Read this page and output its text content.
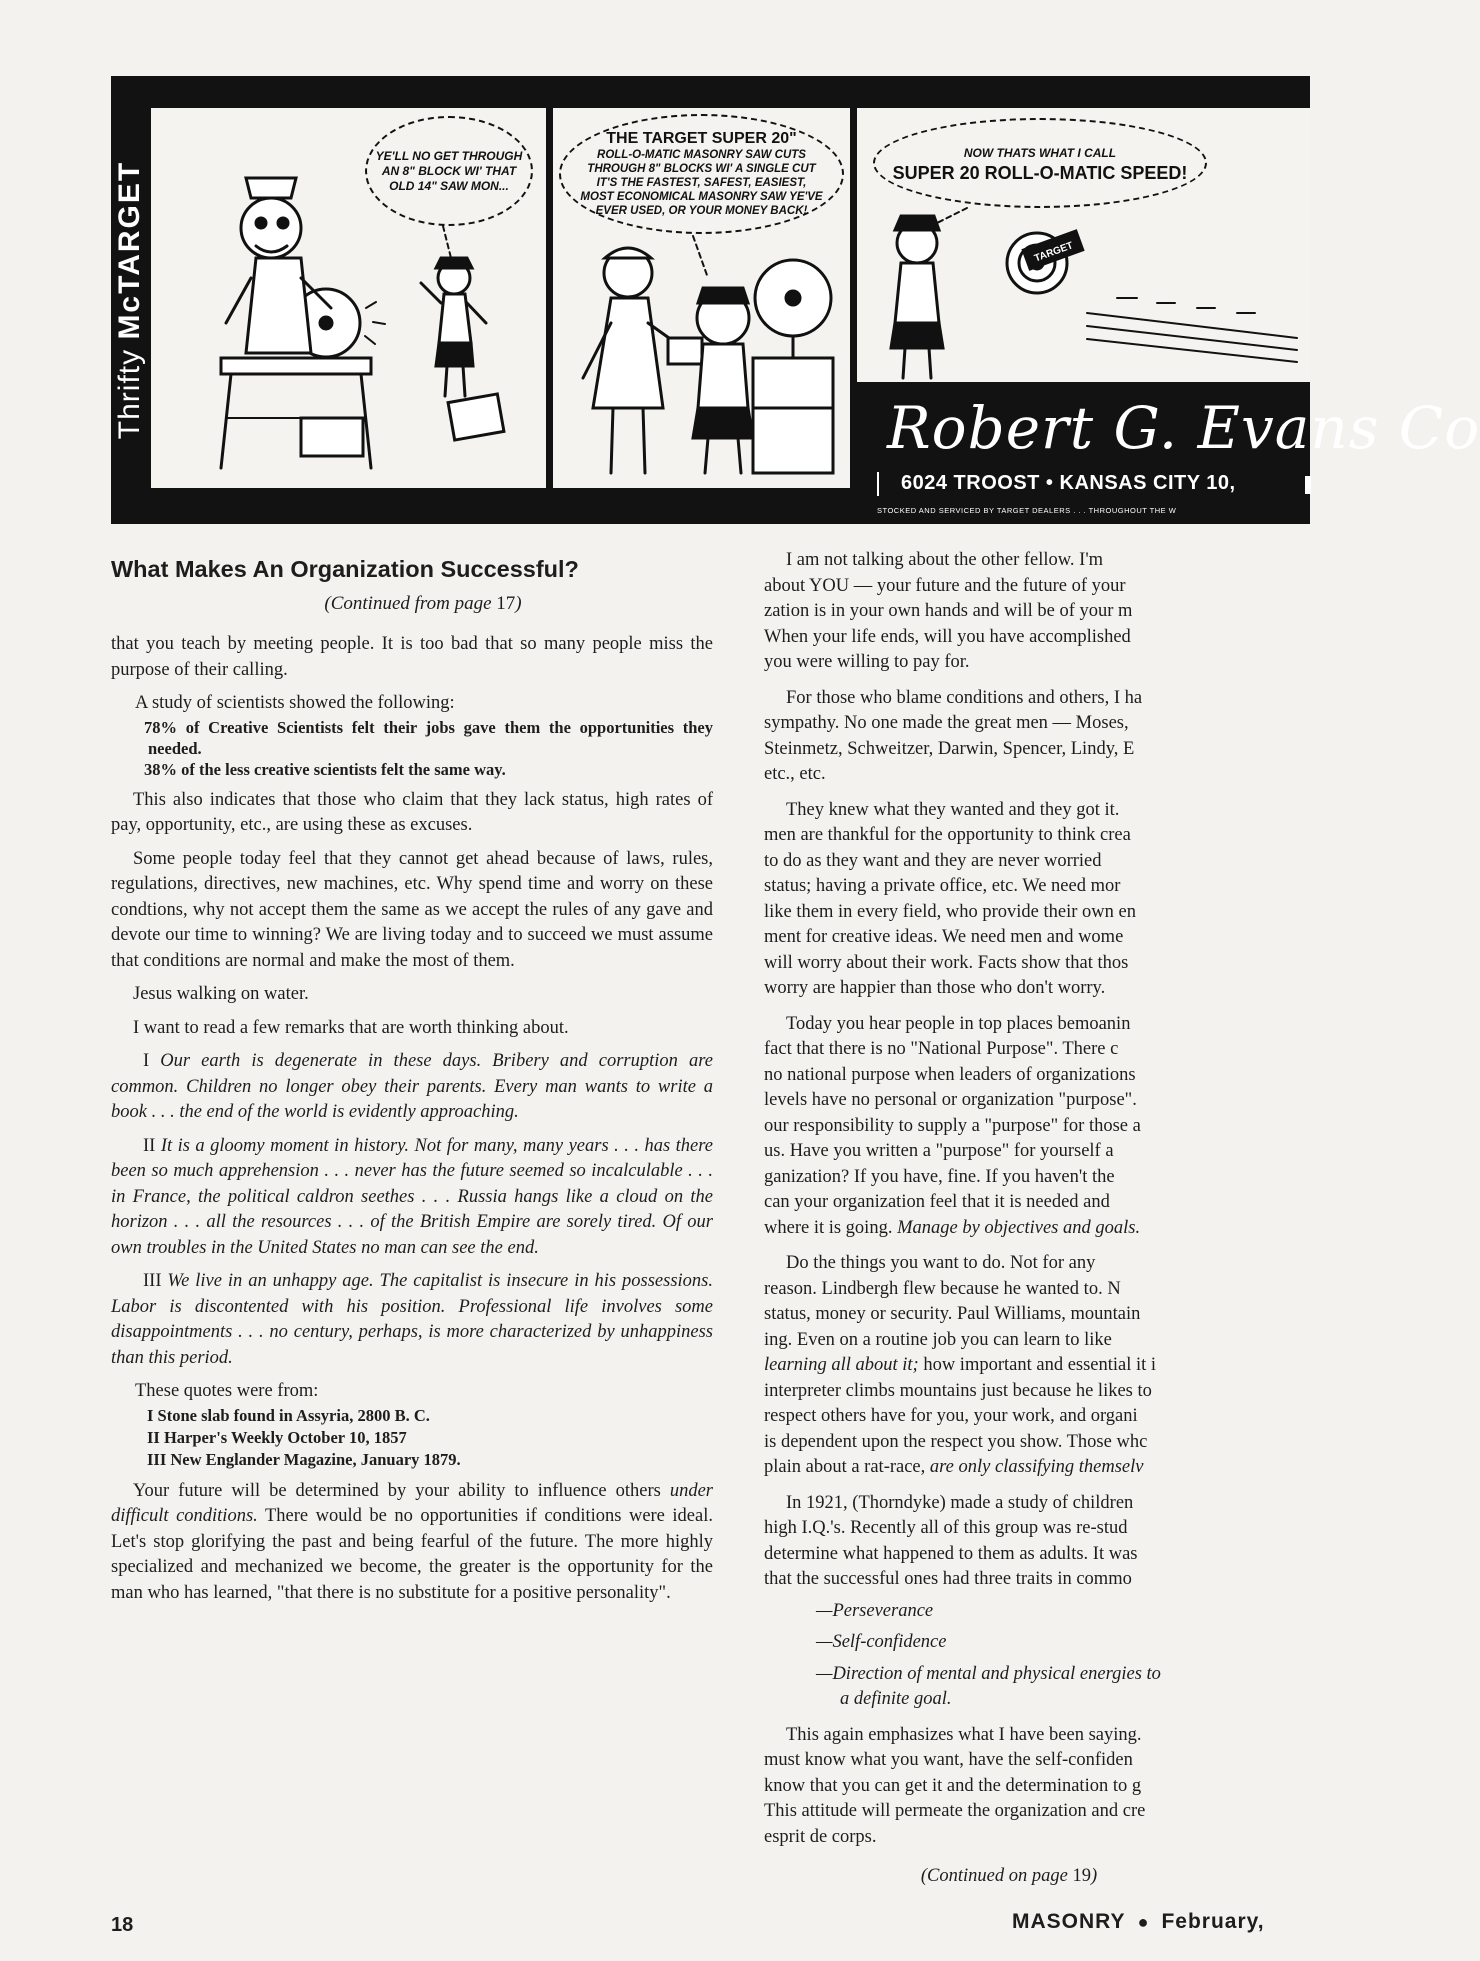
Thrifty McTARGET
YE'LL NO GET THROUGH AN 8" BLOCK WI' THAT OLD 14" SAW MON...
THE TARGET SUPER 20"
ROLL-O-MATIC MASONRY SAW CUTS THROUGH 8" BLOCKS WI' A SINGLE CUT IT'S THE FASTEST, SAFEST, EASIEST, MOST ECONOMICAL MASONRY SAW YE'VE EVER USED, OR YOUR MONEY BACK!
TARGET
NOW THATS WHAT I CALL
SUPER 20 ROLL-O-MATIC SPEED!
Robert G. Evans Co
6024 TROOST • KANSAS CITY 10,
STOCKED AND SERVICED BY TARGET DEALERS . . . THROUGHOUT THE W
What Makes An Organization Successful?

(Continued from page 17)

that you teach by meeting people. It is too bad that so many people miss the purpose of their calling.

A study of scientists showed the following:

78% of Creative Scientists felt their jobs gave them the opportunities they needed.

38% of the less creative scientists felt the same way.

This also indicates that those who claim that they lack status, high rates of pay, opportunity, etc., are using these as excuses.

Some people today feel that they cannot get ahead because of laws, rules, regulations, directives, new machines, etc. Why spend time and worry on these condtions, why not accept them the same as we accept the rules of any gave and devote our time to winning? We are living today and to succeed we must assume that conditions are normal and make the most of them.

Jesus walking on water.

I want to read a few remarks that are worth thinking about.

I Our earth is degenerate in these days. Bribery and corruption are common. Children no longer obey their parents. Every man wants to write a book . . . the end of the world is evidently approaching.

II It is a gloomy moment in history. Not for many, many years . . . has there been so much apprehension . . . never has the future seemed so incalculable . . . in France, the political caldron seethes . . . Russia hangs like a cloud on the horizon . . . all the resources . . . of the British Empire are sorely tired. Of our own troubles in the United States no man can see the end.

III We live in an unhappy age. The capitalist is insecure in his possessions. Labor is discontented with his position. Professional life involves some disappointments . . . no century, perhaps, is more characterized by unhappiness than this period.

These quotes were from:

I Stone slab found in Assyria, 2800 B. C.

II Harper's Weekly October 10, 1857

III New Englander Magazine, January 1879.

Your future will be determined by your ability to influence others under difficult conditions. There would be no opportunities if conditions were ideal. Let's stop glorifying the past and being fearful of the future. The more highly specialized and mechanized we become, the greater is the opportunity for the man who has learned, "that there is no substitute for a positive personality".

I am not talking about the other fellow. I'm

about YOU — your future and the future of your

zation is in your own hands and will be of your m

When your life ends, will you have accomplished

you were willing to pay for.

For those who blame conditions and others, I ha

sympathy. No one made the great men — Moses,

Steinmetz, Schweitzer, Darwin, Spencer, Lindy, E

etc., etc.

They knew what they wanted and they got it.

men are thankful for the opportunity to think crea

to do as they want and they are never worried

status; having a private office, etc. We need mor

like them in every field, who provide their own en

ment for creative ideas. We need men and wome

will worry about their work. Facts show that thos

worry are happier than those who don't worry.

Today you hear people in top places bemoanin

fact that there is no "National Purpose". There c

no national purpose when leaders of organizations

levels have no personal or organization "purpose".

our responsibility to supply a "purpose" for those a

us. Have you written a "purpose" for yourself a

ganization? If you have, fine. If you haven't the

can your organization feel that it is needed and

where it is going. Manage by objectives and goals.

Do the things you want to do. Not for any

reason. Lindbergh flew because he wanted to. N

status, money or security. Paul Williams, mountain

ing. Even on a routine job you can learn to like

learning all about it; how important and essential it i

interpreter climbs mountains just because he likes to

respect others have for you, your work, and organi

is dependent upon the respect you show. Those whc

plain about a rat-race, are only classifying themselv

In 1921, (Thorndyke) made a study of children

high I.Q.'s. Recently all of this group was re-stud

determine what happened to them as adults. It was

that the successful ones had three traits in commo

—Perseverance

—Self-confidence

—Direction of mental and physical energies to
a definite goal.

This again emphasizes what I have been saying.

must know what you want, have the self-confiden

know that you can get it and the determination to g

This attitude will permeate the organization and cre

esprit de corps.

(Continued on page 19)

18	MASONRY ● February,
